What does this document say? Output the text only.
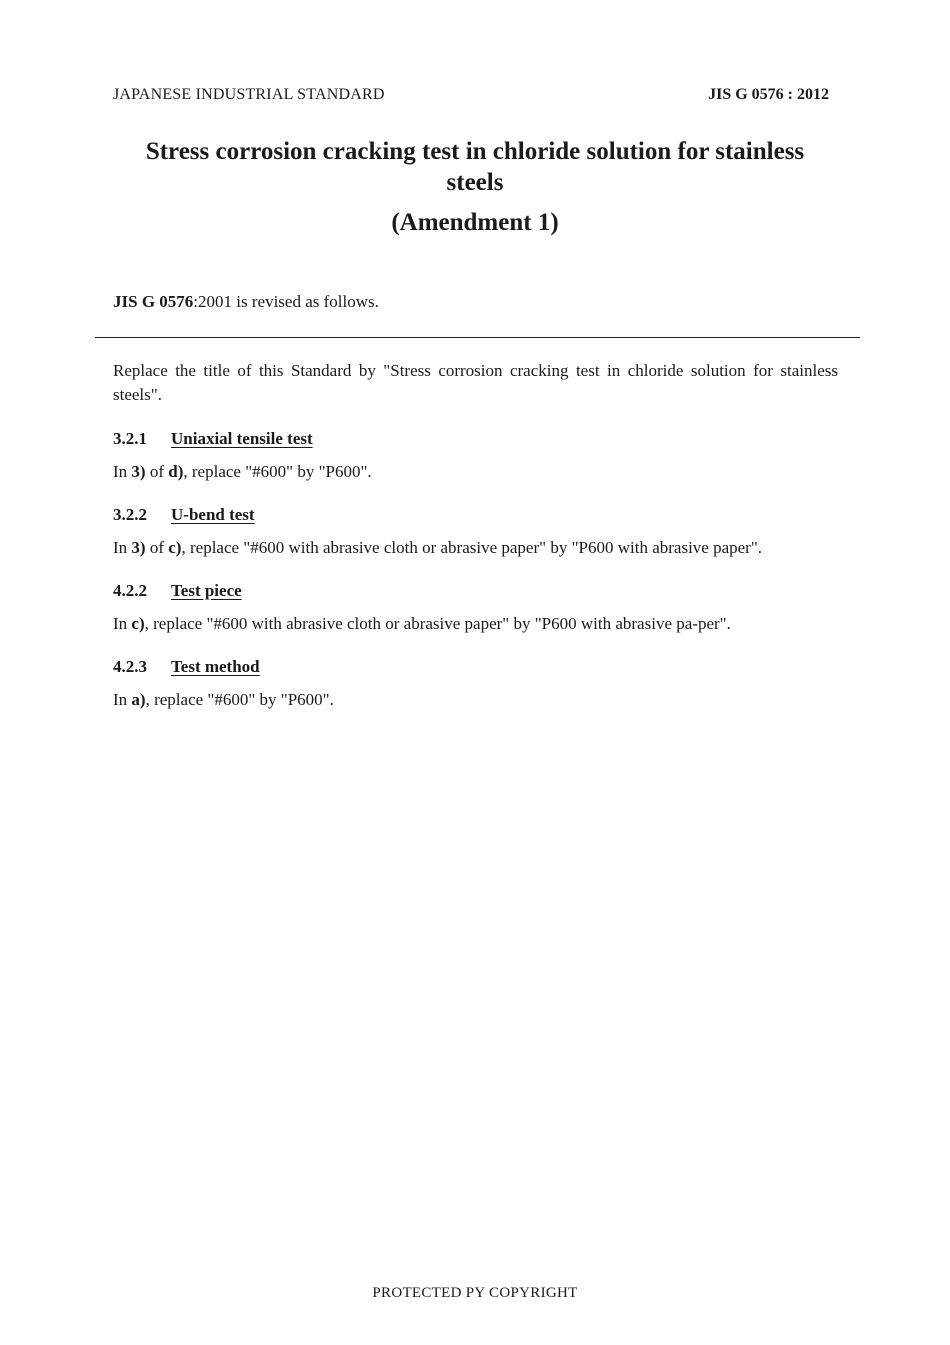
JAPANESE INDUSTRIAL STANDARD	JIS G 0576 : 2012
Stress corrosion cracking test in chloride solution for stainless steels
(Amendment 1)
JIS G 0576:2001 is revised as follows.

Replace the title of this Standard by "Stress corrosion cracking test in chloride solution for stainless steels".

3.2.1 Uniaxial tensile test

In 3) of d), replace "#600" by "P600".

3.2.2 U-bend test

In 3) of c), replace "#600 with abrasive cloth or abrasive paper" by "P600 with abrasive paper".

4.2.2 Test piece

In c), replace "#600 with abrasive cloth or abrasive paper" by "P600 with abrasive pa-per".

4.2.3 Test method

In a), replace "#600" by "P600".

PROTECTED PY COPYRIGHT
